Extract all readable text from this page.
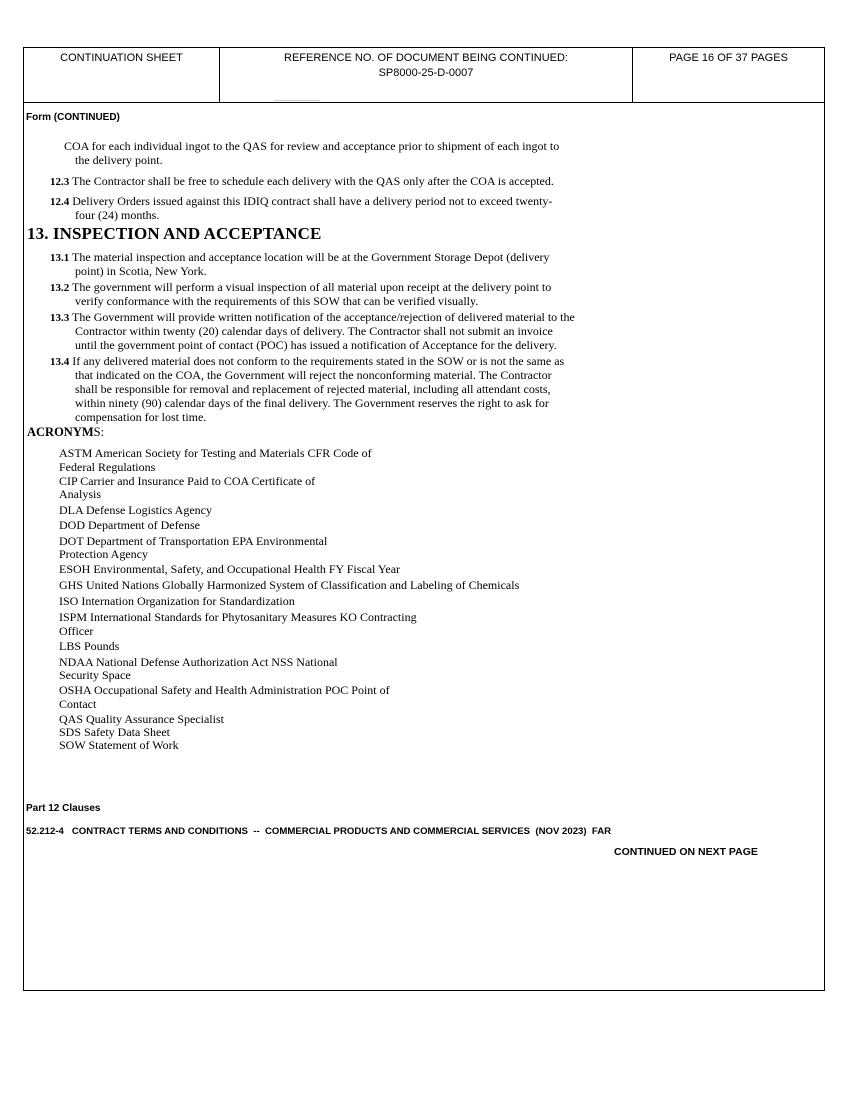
CONTINUATION SHEET	REFERENCE NO. OF DOCUMENT BEING CONTINUED:
SP8000-25-D-0007
PAGE 16 OF 37 PAGES
Form (CONTINUED)
COA for each individual ingot to the QAS for review and acceptance prior to shipment of each ingot to
the delivery point.
12.3 The Contractor shall be free to schedule each delivery with the QAS only after the COA is accepted.
12.4 Delivery Orders issued against this IDIQ contract shall have a delivery period not to exceed twenty-
four (24) months.
13. INSPECTION AND ACCEPTANCE
13.1 The material inspection and acceptance location will be at the Government Storage Depot (delivery
point) in Scotia, New York.
13.2 The government will perform a visual inspection of all material upon receipt at the delivery point to
verify conformance with the requirements of this SOW that can be verified visually.
13.3 The Government will provide written notification of the acceptance/rejection of delivered material to the
Contractor within twenty (20) calendar days of delivery. The Contractor shall not submit an invoice
until the government point of contact (POC) has issued a notification of Acceptance for the delivery.
13.4 If any delivered material does not conform to the requirements stated in the SOW or is not the same as
that indicated on the COA, the Government will reject the nonconforming material. The Contractor
shall be responsible for removal and replacement of rejected material, including all attendant costs,
within ninety (90) calendar days of the final delivery. The Government reserves the right to ask for
compensation for lost time.
ACRONYMS:
ASTM American Society for Testing and Materials CFR Code of
Federal Regulations
CIP Carrier and Insurance Paid to COA Certificate of
Analysis
DLA Defense Logistics Agency
DOD Department of Defense
DOT Department of Transportation EPA Environmental
Protection Agency
ESOH Environmental, Safety, and Occupational Health FY Fiscal Year
GHS United Nations Globally Harmonized System of Classification and Labeling of Chemicals
ISO Internation Organization for Standardization
ISPM International Standards for Phytosanitary Measures KO Contracting
Officer
LBS Pounds
NDAA National Defense Authorization Act NSS National
Security Space
OSHA Occupational Safety and Health Administration POC Point of
Contact
QAS Quality Assurance Specialist
SDS Safety Data Sheet
SOW Statement of Work
Part 12 Clauses
52.212-4   CONTRACT TERMS AND CONDITIONS  --  COMMERCIAL PRODUCTS AND COMMERCIAL SERVICES  (NOV 2023)  FAR
CONTINUED ON NEXT PAGE
